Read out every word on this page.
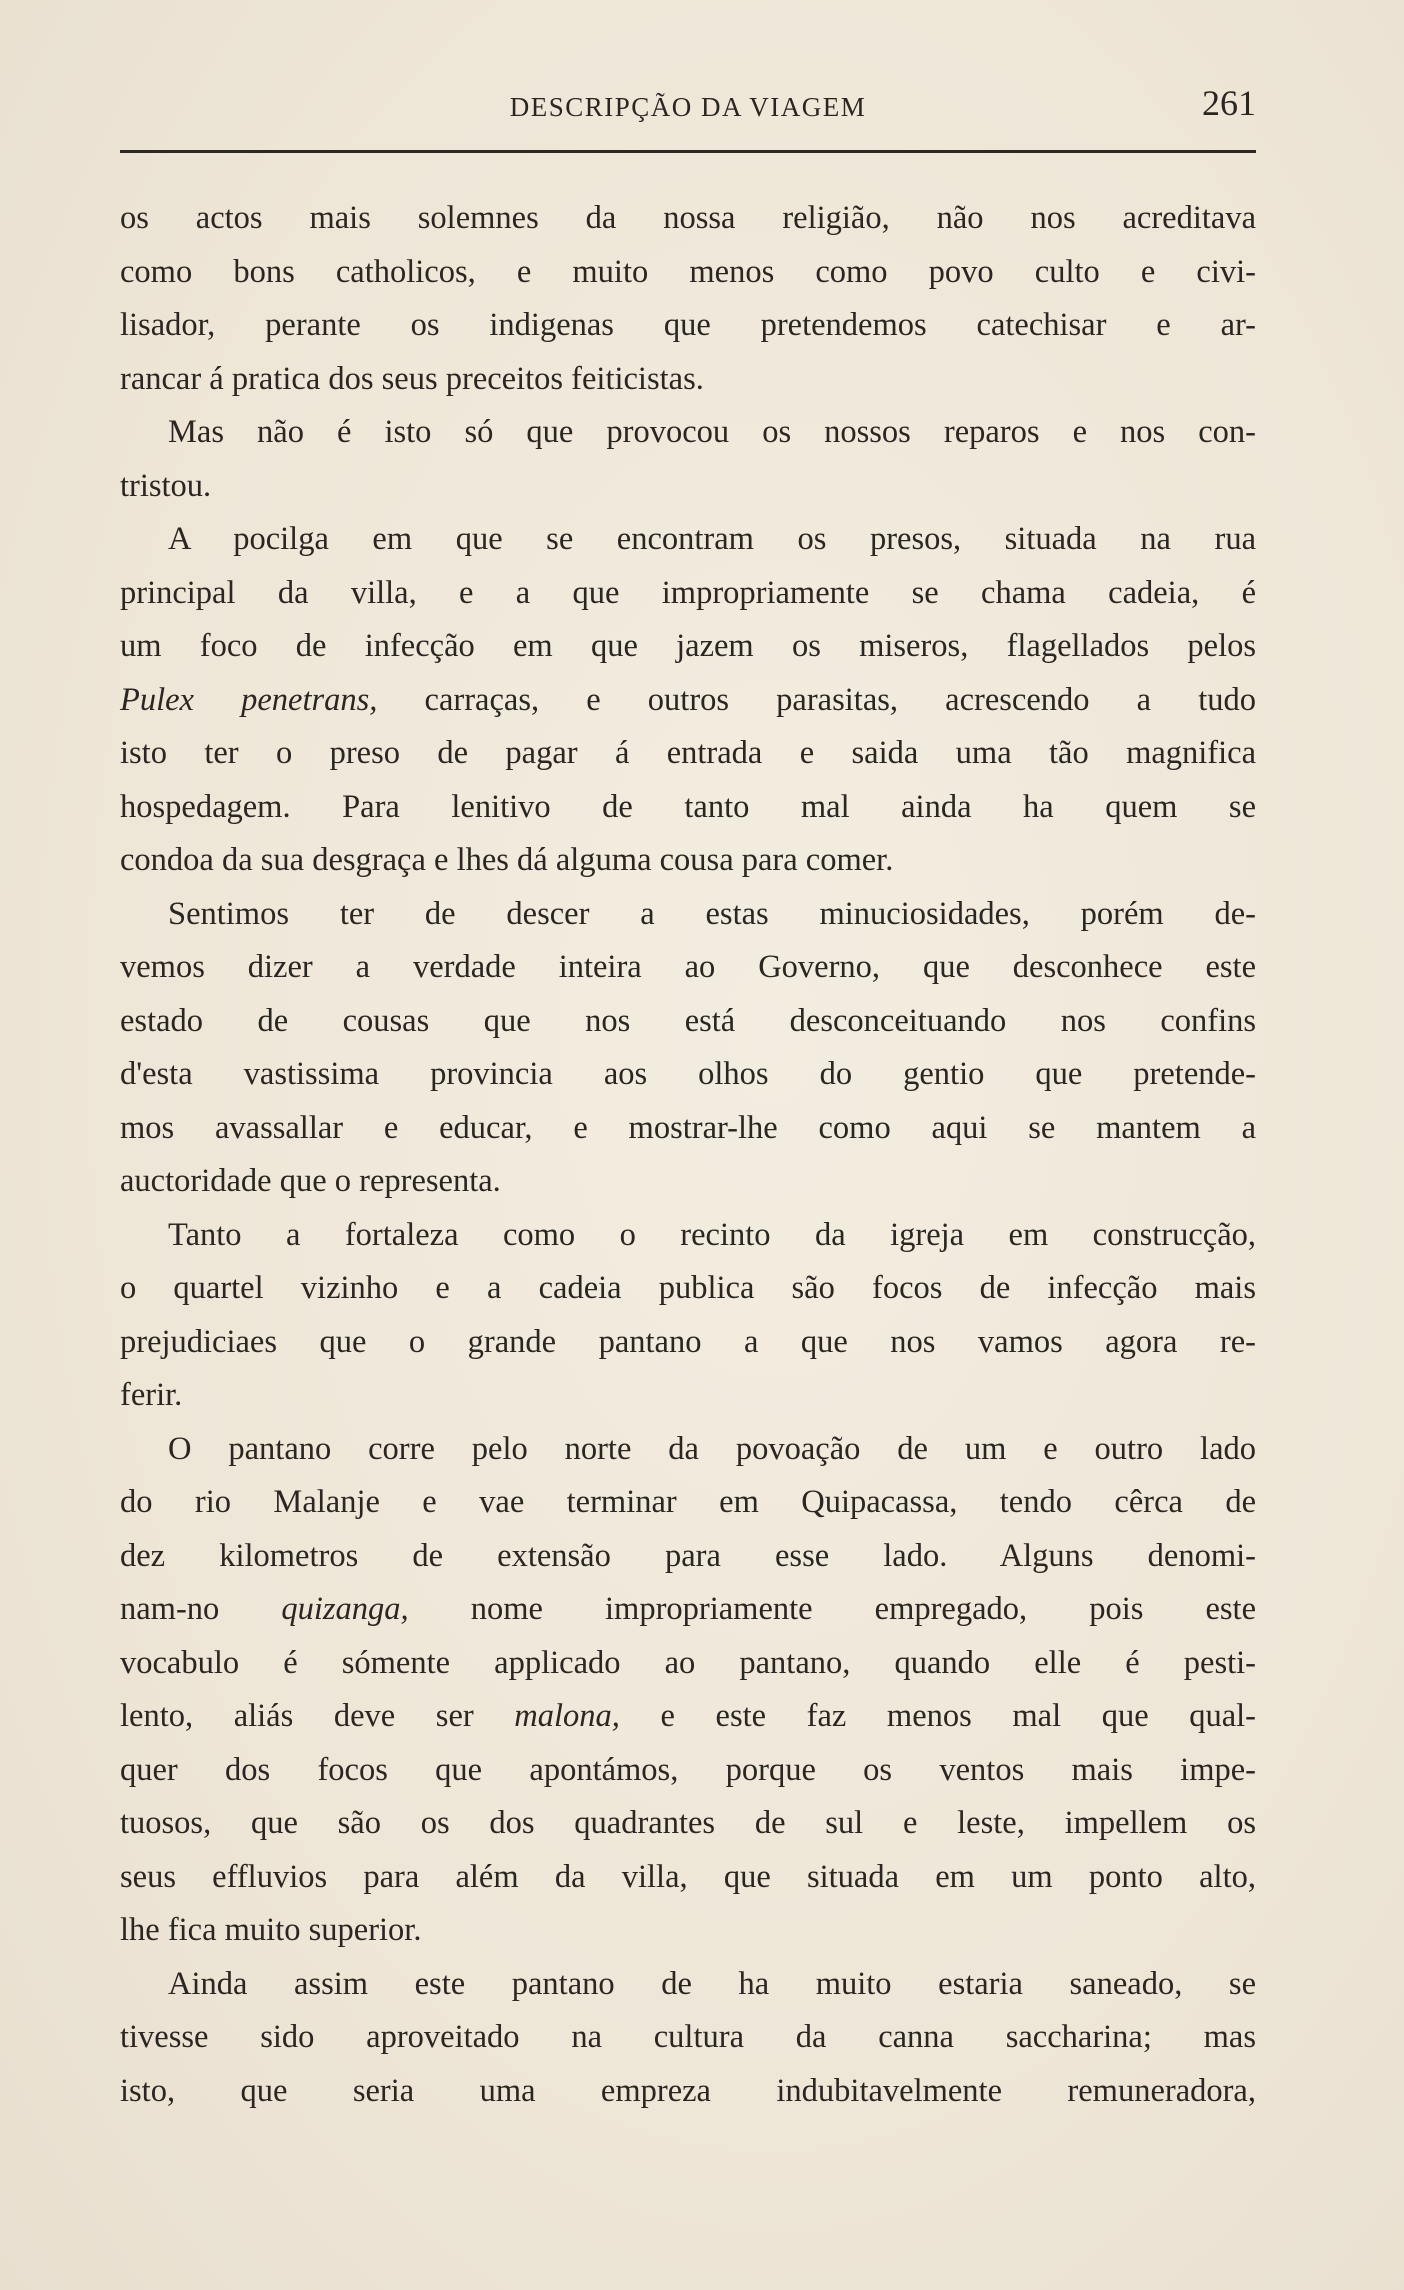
DESCRIPÇÃO DA VIAGEM	261
os actos mais solemnes da nossa religião, não nos acreditava
como bons catholicos, e muito menos como povo culto e civi-
lisador, perante os indigenas que pretendemos catechisar e ar-
rancar á pratica dos seus preceitos feiticistas.
Mas não é isto só que provocou os nossos reparos e nos con-
tristou.
A pocilga em que se encontram os presos, situada na rua
principal da villa, e a que impropriamente se chama cadeia, é
um foco de infecção em que jazem os miseros, flagellados pelos
Pulex penetrans, carraças, e outros parasitas, acrescendo a tudo
isto ter o preso de pagar á entrada e saida uma tão magnifica
hospedagem. Para lenitivo de tanto mal ainda ha quem se
condoa da sua desgraça e lhes dá alguma cousa para comer.
Sentimos ter de descer a estas minuciosidades, porém de-
vemos dizer a verdade inteira ao Governo, que desconhece este
estado de cousas que nos está desconceituando nos confins
d'esta vastissima provincia aos olhos do gentio que pretende-
mos avassallar e educar, e mostrar-lhe como aqui se mantem a
auctoridade que o representa.
Tanto a fortaleza como o recinto da igreja em construcção,
o quartel vizinho e a cadeia publica são focos de infecção mais
prejudiciaes que o grande pantano a que nos vamos agora re-
ferir.
O pantano corre pelo norte da povoação de um e outro lado
do rio Malanje e vae terminar em Quipacassa, tendo cêrca de
dez kilometros de extensão para esse lado. Alguns denomi-
nam-no quizanga, nome impropriamente empregado, pois este
vocabulo é sómente applicado ao pantano, quando elle é pesti-
lento, aliás deve ser malona, e este faz menos mal que qual-
quer dos focos que apontámos, porque os ventos mais impe-
tuosos, que são os dos quadrantes de sul e leste, impellem os
seus effluvios para além da villa, que situada em um ponto alto,
lhe fica muito superior.
Ainda assim este pantano de ha muito estaria saneado, se
tivesse sido aproveitado na cultura da canna saccharina; mas
isto, que seria uma empreza indubitavelmente remuneradora,
